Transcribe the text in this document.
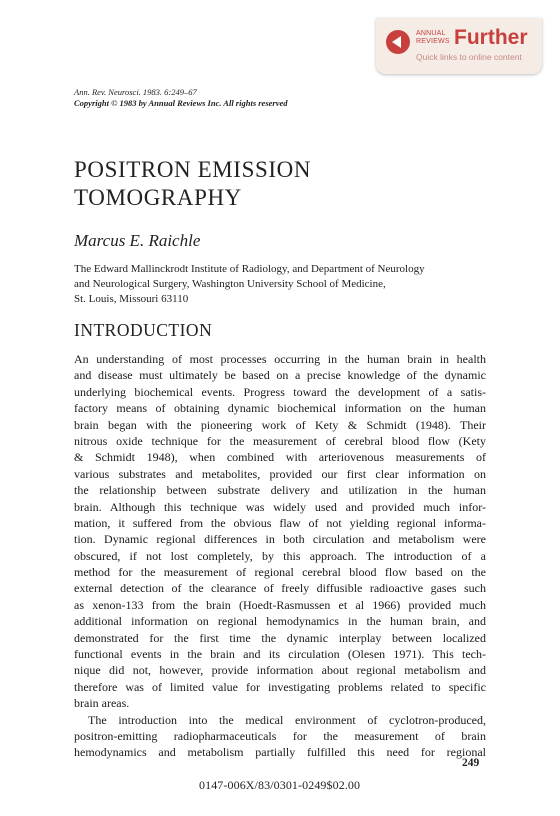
ANNUAL
REVIEWS Further
Quick links to online content
Ann. Rev. Neurosci. 1983. 6:249–67
Copyright © 1983 by Annual Reviews Inc. All rights reserved
POSITRON EMISSION
TOMOGRAPHY
Marcus E. Raichle
The Edward Mallinckrodt Institute of Radiology, and Department of Neurology
and Neurological Surgery, Washington University School of Medicine,
St. Louis, Missouri 63110
INTRODUCTION
An understanding of most processes occurring in the human brain in health
and disease must ultimately be based on a precise knowledge of the dynamic
underlying biochemical events. Progress toward the development of a satis-
factory means of obtaining dynamic biochemical information on the human
brain began with the pioneering work of Kety & Schmidt (1948). Their
nitrous oxide technique for the measurement of cerebral blood flow (Kety
& Schmidt 1948), when combined with arteriovenous measurements of
various substrates and metabolites, provided our first clear information on
the relationship between substrate delivery and utilization in the human
brain. Although this technique was widely used and provided much infor-
mation, it suffered from the obvious flaw of not yielding regional informa-
tion. Dynamic regional differences in both circulation and metabolism were
obscured, if not lost completely, by this approach. The introduction of a
method for the measurement of regional cerebral blood flow based on the
external detection of the clearance of freely diffusible radioactive gases such
as xenon-133 from the brain (Hoedt-Rasmussen et al 1966) provided much
additional information on regional hemodynamics in the human brain, and
demonstrated for the first time the dynamic interplay between localized
functional events in the brain and its circulation (Olesen 1971). This tech-
nique did not, however, provide information about regional metabolism and
therefore was of limited value for investigating problems related to specific
brain areas.
The introduction into the medical environment of cyclotron-produced,
positron-emitting radiopharmaceuticals for the measurement of brain
hemodynamics and metabolism partially fulfilled this need for regional
249
0147-006X/83/0301-0249$02.00
